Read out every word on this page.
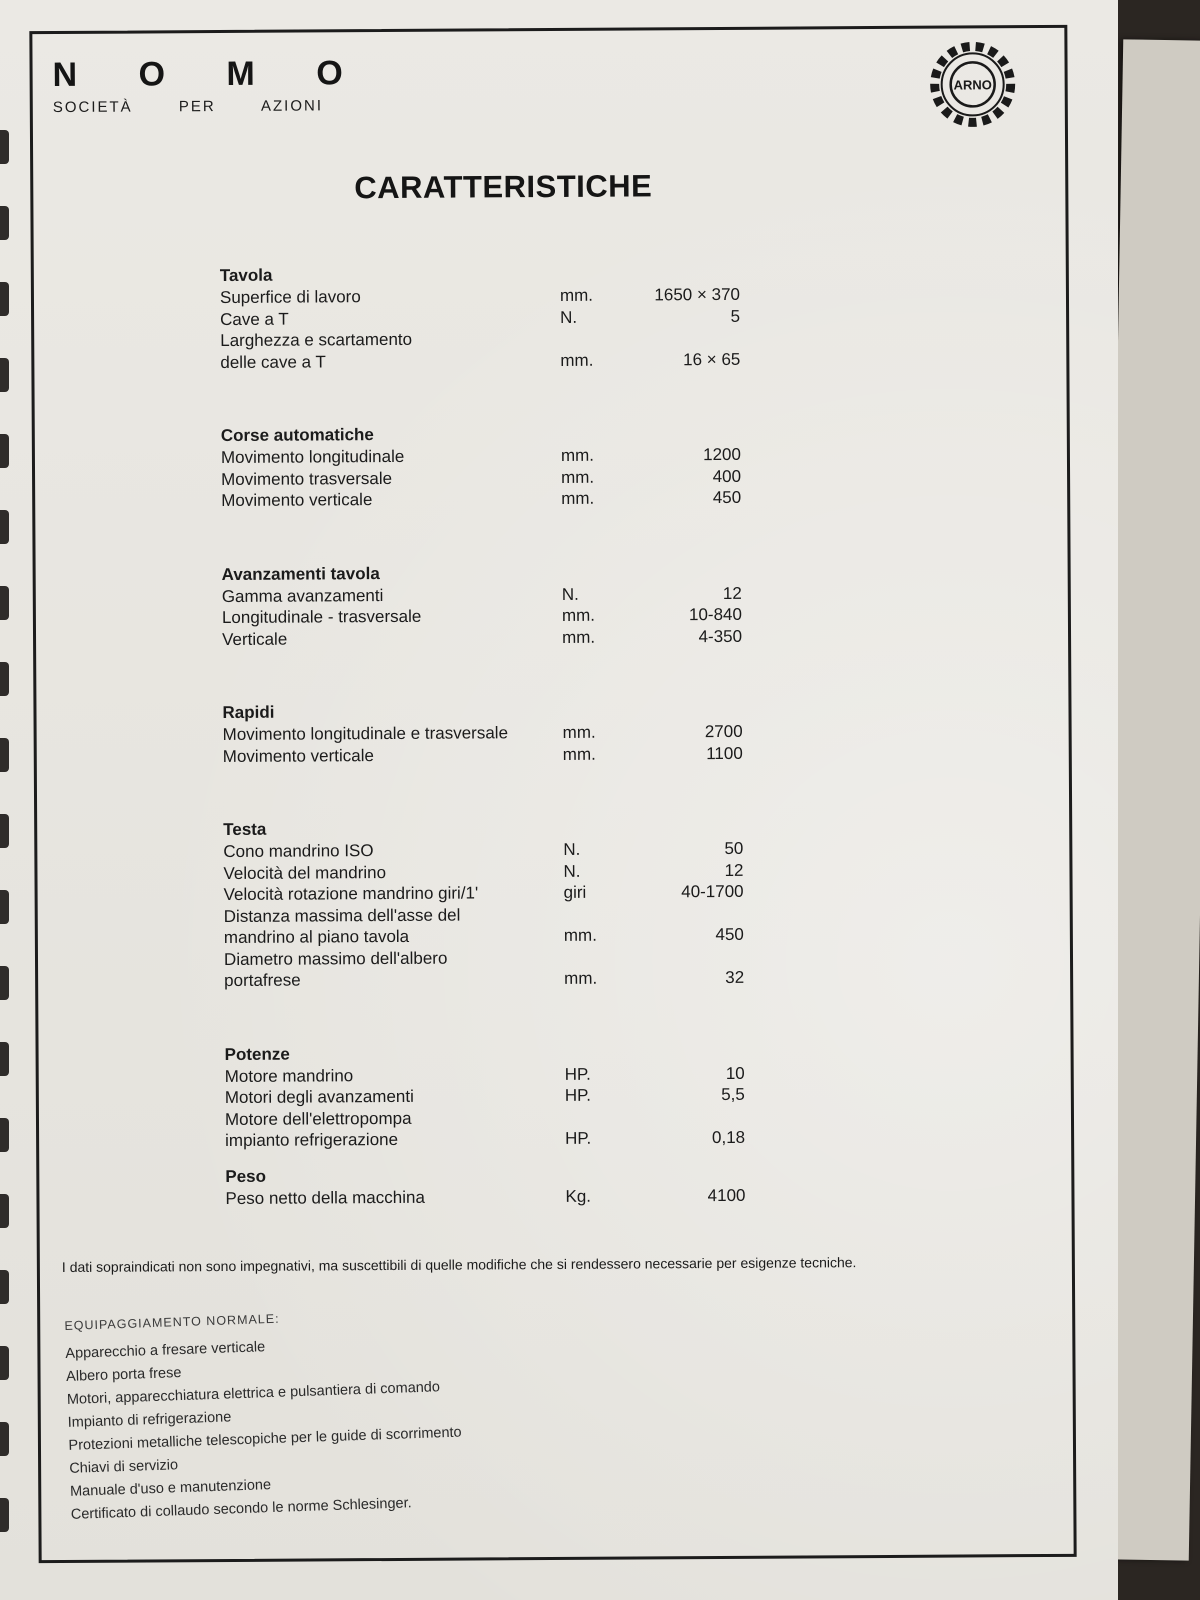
N O M O
SOCIETÀ PER AZIONI
ARNO
CARATTERISTICHE
Tavola
Superfice di lavoro	mm.	1650 × 370
Cave a T	N.	5
Larghezza e scartamento
delle cave a T	mm.	16 × 65
Corse automatiche
Movimento longitudinale	mm.	1200
Movimento trasversale	mm.	400
Movimento verticale	mm.	450
Avanzamenti tavola
Gamma avanzamenti	N.	12
Longitudinale - trasversale	mm.	10-840
Verticale	mm.	4-350
Rapidi
Movimento longitudinale e trasversale	mm.	2700
Movimento verticale	mm.	1100
Testa
Cono mandrino ISO	N.	50
Velocità del mandrino	N.	12
Velocità rotazione mandrino giri/1'	giri	40-1700
Distanza massima dell'asse del
mandrino al piano tavola	mm.	450
Diametro massimo dell'albero
portafrese	mm.	32
Potenze
Motore mandrino	HP.	10
Motori degli avanzamenti	HP.	5,5
Motore dell'elettropompa
impianto refrigerazione	HP.	0,18
Peso
Peso netto della macchina	Kg.	4100
I dati sopraindicati non sono impegnativi, ma suscettibili di quelle modifiche che si rendessero necessarie per esigenze tecniche.
EQUIPAGGIAMENTO NORMALE:
Apparecchio a fresare verticale
Albero porta frese
Motori, apparecchiatura elettrica e pulsantiera di comando
Impianto di refrigerazione
Protezioni metalliche telescopiche per le guide di scorrimento
Chiavi di servizio
Manuale d'uso e manutenzione
Certificato di collaudo secondo le norme Schlesinger.
